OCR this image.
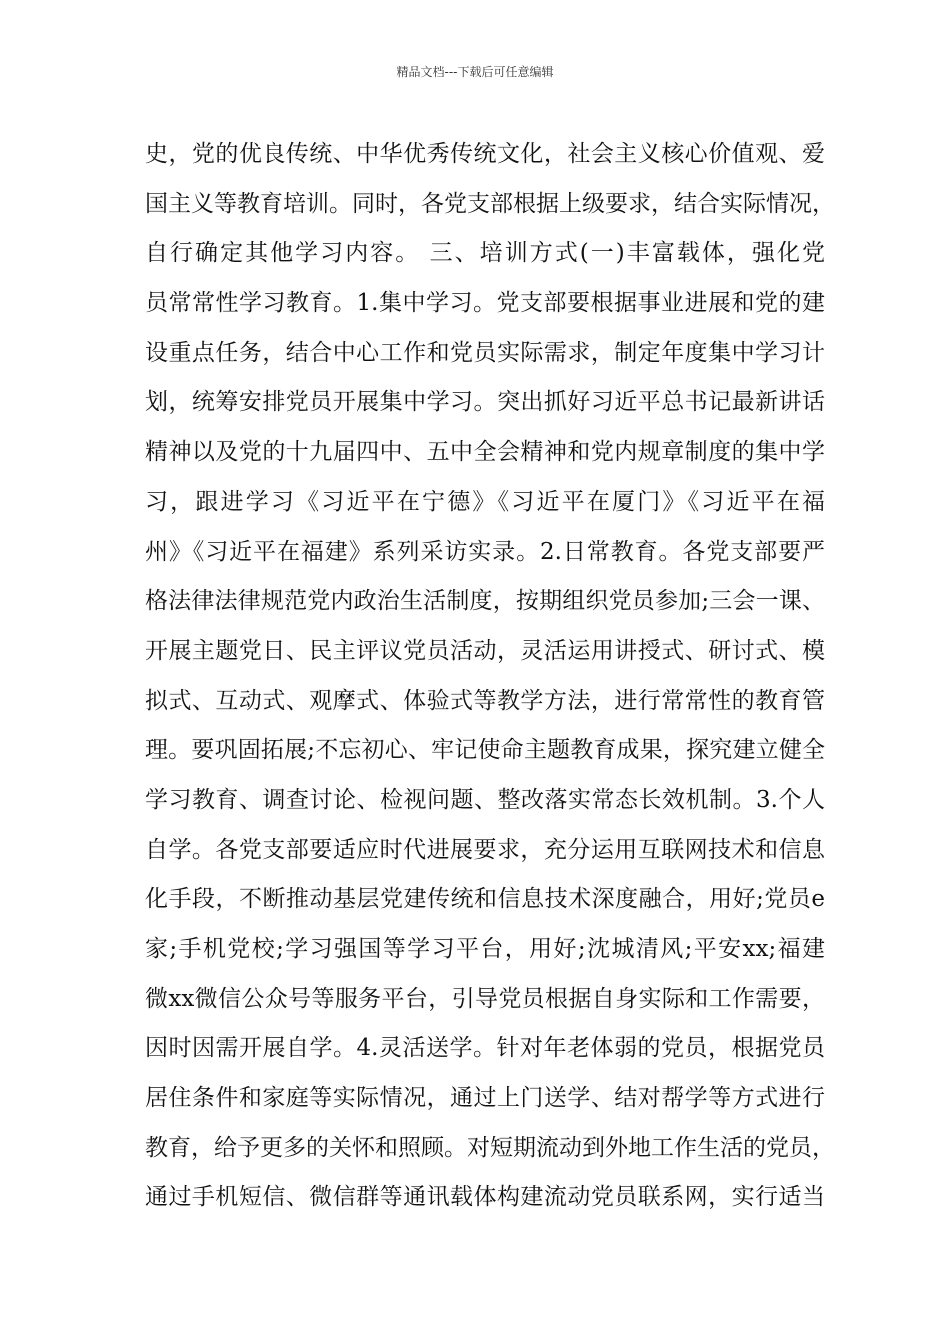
精品文档---下载后可任意编辑
史，党的优良传统、中华优秀传统文化，社会主义核心价值观、爱
国主义等教育培训。同时，各党支部根据上级要求，结合实际情况，
自行确定其他学习内容。 三、培训方式(一)丰富载体，强化党
员常常性学习教育。1.集中学习。党支部要根据事业进展和党的建
设重点任务，结合中心工作和党员实际需求，制定年度集中学习计
划，统筹安排党员开展集中学习。突出抓好习近平总书记最新讲话
精神以及党的十九届四中、五中全会精神和党内规章制度的集中学
习，跟进学习《习近平在宁德》《习近平在厦门》《习近平在福
州》《习近平在福建》系列采访实录。2.日常教育。各党支部要严
格法律法律规范党内政治生活制度，按期组织党员参加;三会一课、
开展主题党日、民主评议党员活动，灵活运用讲授式、研讨式、模
拟式、互动式、观摩式、体验式等教学方法，进行常常性的教育管
理。要巩固拓展;不忘初心、牢记使命主题教育成果，探究建立健全
学习教育、调查讨论、检视问题、整改落实常态长效机制。3.个人
自学。各党支部要适应时代进展要求，充分运用互联网技术和信息
化手段，不断推动基层党建传统和信息技术深度融合，用好;党员e
家;手机党校;学习强国等学习平台，用好;沈城清风;平安xx;福建
微xx微信公众号等服务平台，引导党员根据自身实际和工作需要，
因时因需开展自学。4.灵活送学。针对年老体弱的党员，根据党员
居住条件和家庭等实际情况，通过上门送学、结对帮学等方式进行
教育，给予更多的关怀和照顾。对短期流动到外地工作生活的党员，
通过手机短信、微信群等通讯载体构建流动党员联系网，实行适当
